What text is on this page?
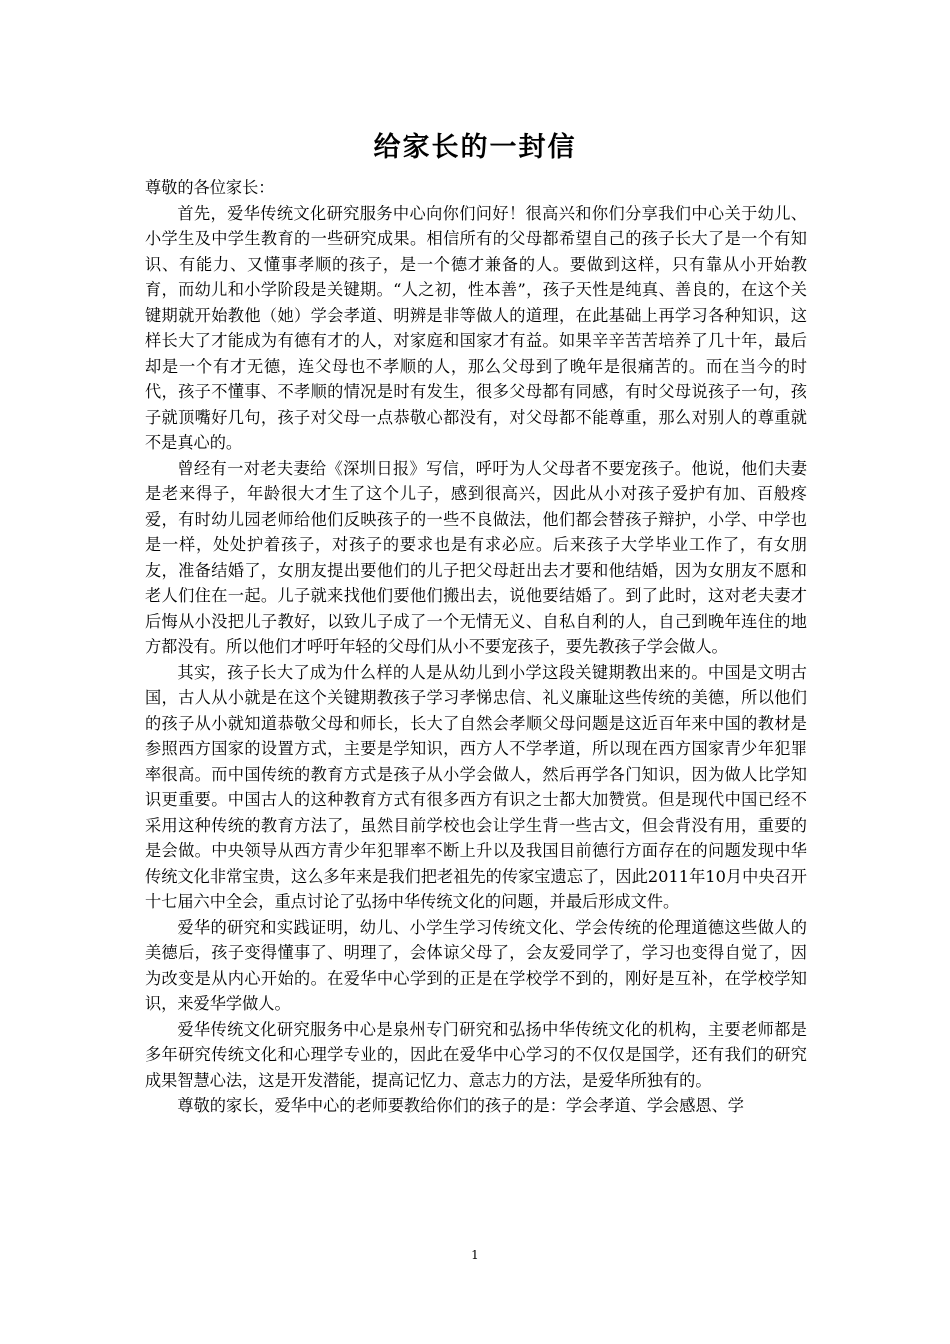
给家长的一封信

尊敬的各位家长：

首先，爱华传统文化研究服务中心向你们问好！很高兴和你们分享我们中心关于幼儿、小学生及中学生教育的一些研究成果。相信所有的父母都希望自己的孩子长大了是一个有知识、有能力、又懂事孝顺的孩子，是一个德才兼备的人。要做到这样，只有靠从小开始教育，而幼儿和小学阶段是关键期。“人之初，性本善”，孩子天性是纯真、善良的，在这个关键期就开始教他（她）学会孝道、明辨是非等做人的道理，在此基础上再学习各种知识，这样长大了才能成为有德有才的人，对家庭和国家才有益。如果辛辛苦苦培养了几十年，最后却是一个有才无德，连父母也不孝顺的人，那么父母到了晚年是很痛苦的。而在当今的时代，孩子不懂事、不孝顺的情况是时有发生，很多父母都有同感，有时父母说孩子一句，孩子就顶嘴好几句，孩子对父母一点恭敬心都没有，对父母都不能尊重，那么对别人的尊重就不是真心的。

曾经有一对老夫妻给《深圳日报》写信，呼吁为人父母者不要宠孩子。他说，他们夫妻是老来得子，年龄很大才生了这个儿子，感到很高兴，因此从小对孩子爱护有加、百般疼爱，有时幼儿园老师给他们反映孩子的一些不良做法，他们都会替孩子辩护，小学、中学也是一样，处处护着孩子，对孩子的要求也是有求必应。后来孩子大学毕业工作了，有女朋友，准备结婚了，女朋友提出要他们的儿子把父母赶出去才要和他结婚，因为女朋友不愿和老人们住在一起。儿子就来找他们要他们搬出去，说他要结婚了。到了此时，这对老夫妻才后悔从小没把儿子教好，以致儿子成了一个无情无义、自私自利的人，自己到晚年连住的地方都没有。所以他们才呼吁年轻的父母们从小不要宠孩子，要先教孩子学会做人。

其实，孩子长大了成为什么样的人是从幼儿到小学这段关键期教出来的。中国是文明古国，古人从小就是在这个关键期教孩子学习孝悌忠信、礼义廉耻这些传统的美德，所以他们的孩子从小就知道恭敬父母和师长，长大了自然会孝顺父母问题是这近百年来中国的教材是参照西方国家的设置方式，主要是学知识，西方人不学孝道，所以现在西方国家青少年犯罪率很高。而中国传统的教育方式是孩子从小学会做人，然后再学各门知识，因为做人比学知识更重要。中国古人的这种教育方式有很多西方有识之士都大加赞赏。但是现代中国已经不采用这种传统的教育方法了，虽然目前学校也会让学生背一些古文，但会背没有用，重要的是会做。中央领导从西方青少年犯罪率不断上升以及我国目前德行方面存在的问题发现中华传统文化非常宝贵，这么多年来是我们把老祖先的传家宝遗忘了，因此2011年10月中央召开十七届六中全会，重点讨论了弘扬中华传统文化的问题，并最后形成文件。

爱华的研究和实践证明，幼儿、小学生学习传统文化、学会传统的伦理道德这些做人的美德后，孩子变得懂事了、明理了，会体谅父母了，会友爱同学了，学习也变得自觉了，因为改变是从内心开始的。在爱华中心学到的正是在学校学不到的，刚好是互补，在学校学知识，来爱华学做人。

爱华传统文化研究服务中心是泉州专门研究和弘扬中华传统文化的机构，主要老师都是多年研究传统文化和心理学专业的，因此在爱华中心学习的不仅仅是国学，还有我们的研究成果智慧心法，这是开发潜能，提高记忆力、意志力的方法，是爱华所独有的。

尊敬的家长，爱华中心的老师要教给你们的孩子的是：学会孝道、学会感恩、学

1
